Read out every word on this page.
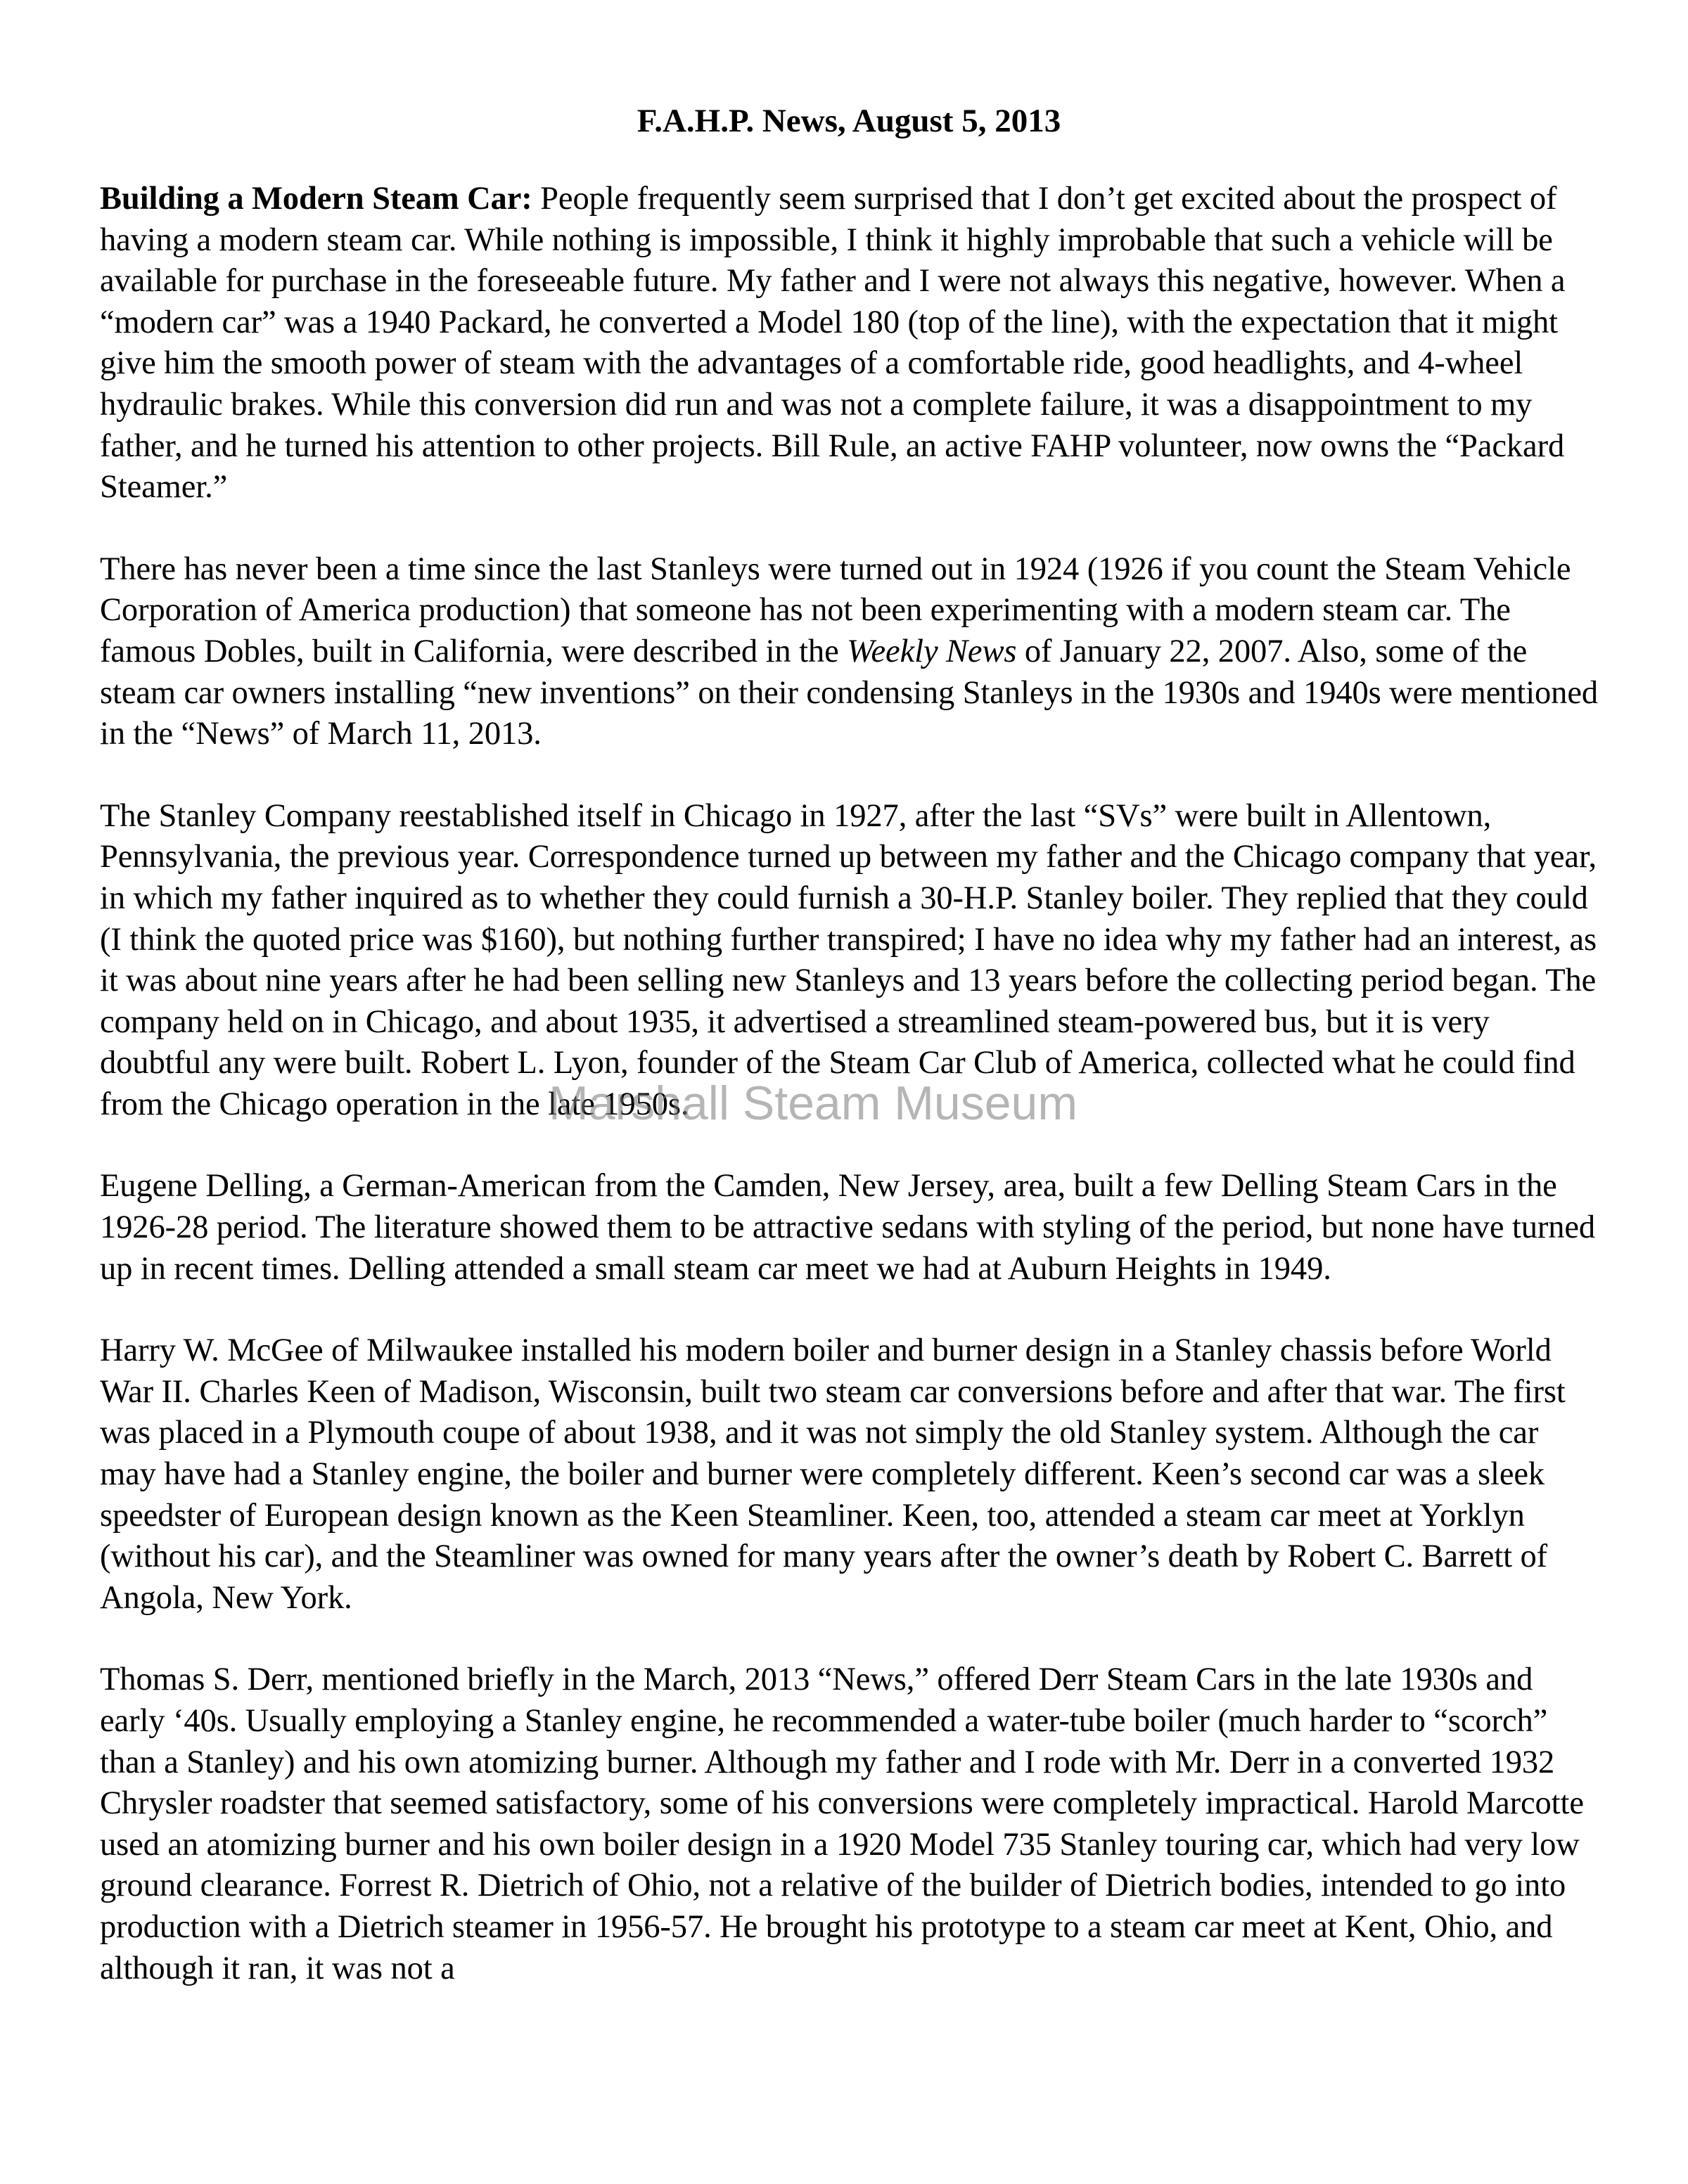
F.A.H.P. News, August 5, 2013

Building a Modern Steam Car: People frequently seem surprised that I don’t get excited about the prospect of having a modern steam car. While nothing is impossible, I think it highly improbable that such a vehicle will be available for purchase in the foreseeable future. My father and I were not always this negative, however. When a “modern car” was a 1940 Packard, he converted a Model 180 (top of the line), with the expectation that it might give him the smooth power of steam with the advantages of a comfortable ride, good headlights, and 4-wheel hydraulic brakes. While this conversion did run and was not a complete failure, it was a disappointment to my father, and he turned his attention to other projects. Bill Rule, an active FAHP volunteer, now owns the “Packard Steamer.”

There has never been a time since the last Stanleys were turned out in 1924 (1926 if you count the Steam Vehicle Corporation of America production) that someone has not been experimenting with a modern steam car. The famous Dobles, built in California, were described in the Weekly News of January 22, 2007. Also, some of the steam car owners installing “new inventions” on their condensing Stanleys in the 1930s and 1940s were mentioned in the “News” of March 11, 2013.

The Stanley Company reestablished itself in Chicago in 1927, after the last “SVs” were built in Allentown, Pennsylvania, the previous year. Correspondence turned up between my father and the Chicago company that year, in which my father inquired as to whether they could furnish a 30-H.P. Stanley boiler. They replied that they could (I think the quoted price was $160), but nothing further transpired; I have no idea why my father had an interest, as it was about nine years after he had been selling new Stanleys and 13 years before the collecting period began. The company held on in Chicago, and about 1935, it advertised a streamlined steam-powered bus, but it is very doubtful any were built. Robert L. Lyon, founder of the Steam Car Club of America, collected what he could find from the Chicago operation in the late 1950s.

Eugene Delling, a German-American from the Camden, New Jersey, area, built a few Delling Steam Cars in the 1926-28 period. The literature showed them to be attractive sedans with styling of the period, but none have turned up in recent times. Delling attended a small steam car meet we had at Auburn Heights in 1949.

Harry W. McGee of Milwaukee installed his modern boiler and burner design in a Stanley chassis before World War II. Charles Keen of Madison, Wisconsin, built two steam car conversions before and after that war. The first was placed in a Plymouth coupe of about 1938, and it was not simply the old Stanley system. Although the car may have had a Stanley engine, the boiler and burner were completely different. Keen’s second car was a sleek speedster of European design known as the Keen Steamliner. Keen, too, attended a steam car meet at Yorklyn (without his car), and the Steamliner was owned for many years after the owner’s death by Robert C. Barrett of Angola, New York.

Thomas S. Derr, mentioned briefly in the March, 2013 “News,” offered Derr Steam Cars in the late 1930s and early ‘40s. Usually employing a Stanley engine, he recommended a water-tube boiler (much harder to “scorch” than a Stanley) and his own atomizing burner. Although my father and I rode with Mr. Derr in a converted 1932 Chrysler roadster that seemed satisfactory, some of his conversions were completely impractical. Harold Marcotte used an atomizing burner and his own boiler design in a 1920 Model 735 Stanley touring car, which had very low ground clearance. Forrest R. Dietrich of Ohio, not a relative of the builder of Dietrich bodies, intended to go into production with a Dietrich steamer in 1956-57. He brought his prototype to a steam car meet at Kent, Ohio, and although it ran, it was not a

Marshall Steam Museum
